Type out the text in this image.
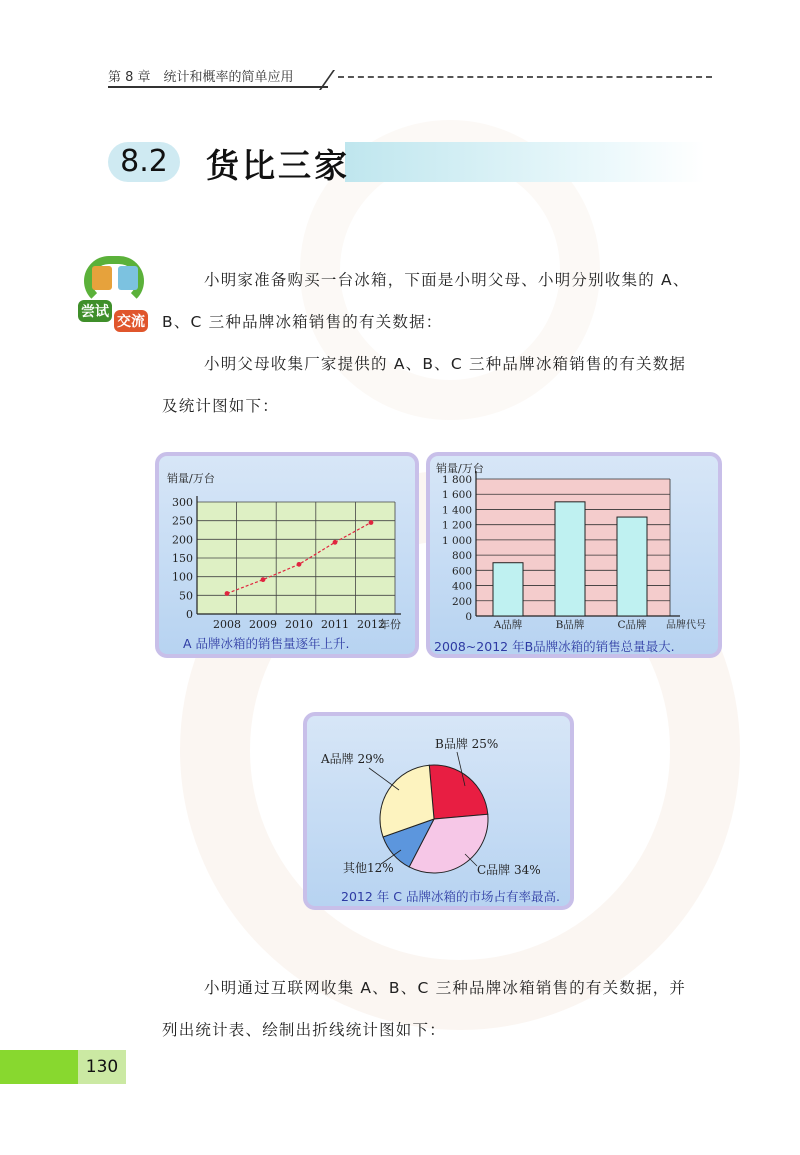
第 8 章　统计和概率的简单应用
8.2	货比三家
尝试
交流
小明家准备购买一台冰箱，下面是小明父母、小明分别收集的 A、
B、C 三种品牌冰箱销售的有关数据：
小明父母收集厂家提供的 A、B、C 三种品牌冰箱销售的有关数据
及统计图如下：
0
50
100
150
200
250
300
2008 2009 2010 2011 2012
销量/万台
年份
A 品牌冰箱的销售量逐年上升.
0
200
400
600
800
1 000
1 200
1 400
1 600
1 800
A品牌	B品牌	C品牌
销量/万台
品牌代号
2008~2012 年B品牌冰箱的销售总量最大.
B品牌 25%
C品牌 34%
其他12%
A品牌 29%
2012 年 C 品牌冰箱的市场占有率最高.
小明通过互联网收集 A、B、C 三种品牌冰箱销售的有关数据，并
列出统计表、绘制出折线统计图如下：
130
